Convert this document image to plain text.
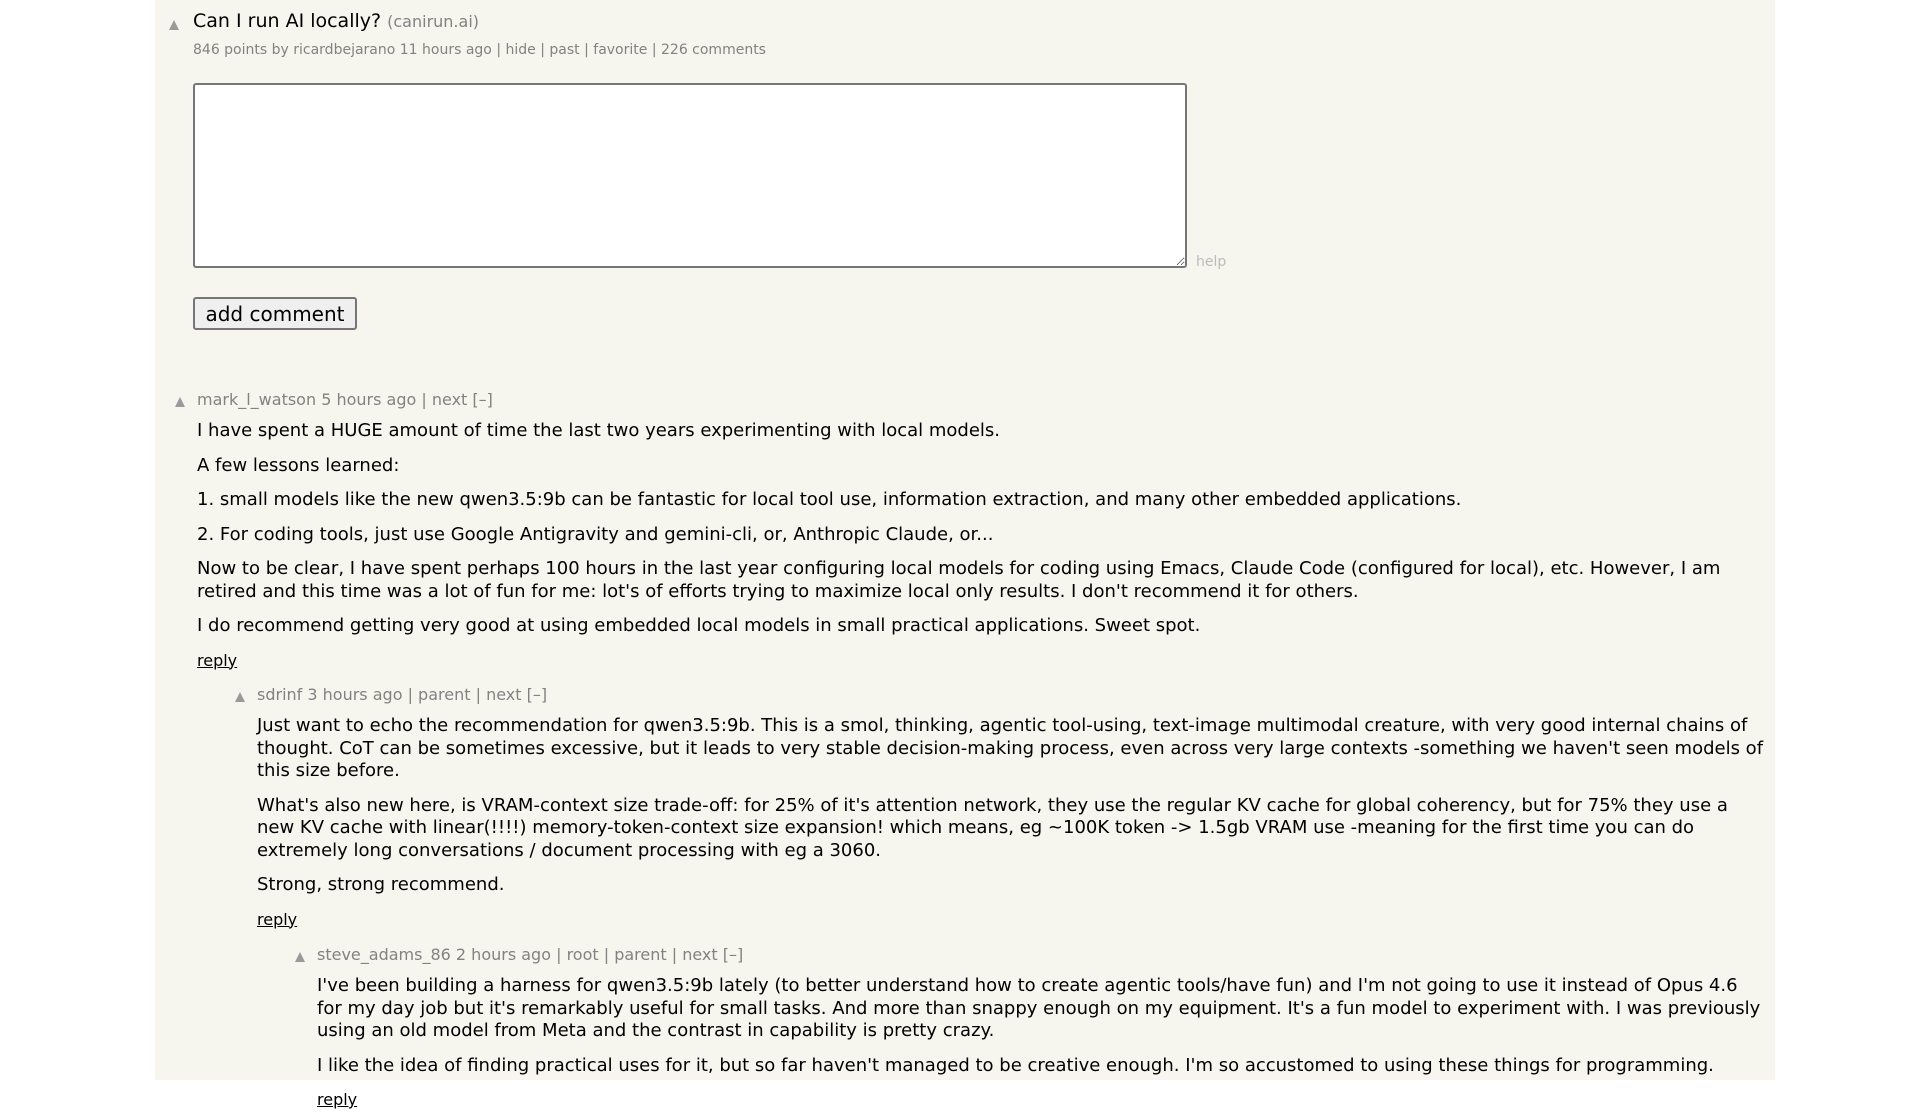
Can I run AI locally? (canirun.ai)
846 points by ricardbejarano 11 hours ago | hide | past | favorite | 226 comments
help
add comment
mark_l_watson 5 hours ago | next [–]

I have spent a HUGE amount of time the last two years experimenting with local models.

A few lessons learned:

1. small models like the new qwen3.5:9b can be fantastic for local tool use, information extraction, and many other embedded applications.

2. For coding tools, just use Google Antigravity and gemini-cli, or, Anthropic Claude, or...

Now to be clear, I have spent perhaps 100 hours in the last year configuring local models for coding using Emacs, Claude Code (configured for local), etc. However, I am retired and this time was a lot of fun for me: lot's of efforts trying to maximize local only results. I don't recommend it for others.

I do recommend getting very good at using embedded local models in small practical applications. Sweet spot.

reply
sdrinf 3 hours ago | parent | next [–]

Just want to echo the recommendation for qwen3.5:9b. This is a smol, thinking, agentic tool-using, text-image multimodal creature, with very good internal chains of thought. CoT can be sometimes excessive, but it leads to very stable decision-making process, even across very large contexts -something we haven't seen models of this size before.

What's also new here, is VRAM-context size trade-off: for 25% of it's attention network, they use the regular KV cache for global coherency, but for 75% they use a new KV cache with linear(!!!!) memory-token-context size expansion! which means, eg ~100K token -> 1.5gb VRAM use -meaning for the first time you can do extremely long conversations / document processing with eg a 3060.

Strong, strong recommend.

reply
steve_adams_86 2 hours ago | root | parent | next [–]

I've been building a harness for qwen3.5:9b lately (to better understand how to create agentic tools/have fun) and I'm not going to use it instead of Opus 4.6 for my day job but it's remarkably useful for small tasks. And more than snappy enough on my equipment. It's a fun model to experiment with. I was previously using an old model from Meta and the contrast in capability is pretty crazy.

I like the idea of finding practical uses for it, but so far haven't managed to be creative enough. I'm so accustomed to using these things for programming.

reply
